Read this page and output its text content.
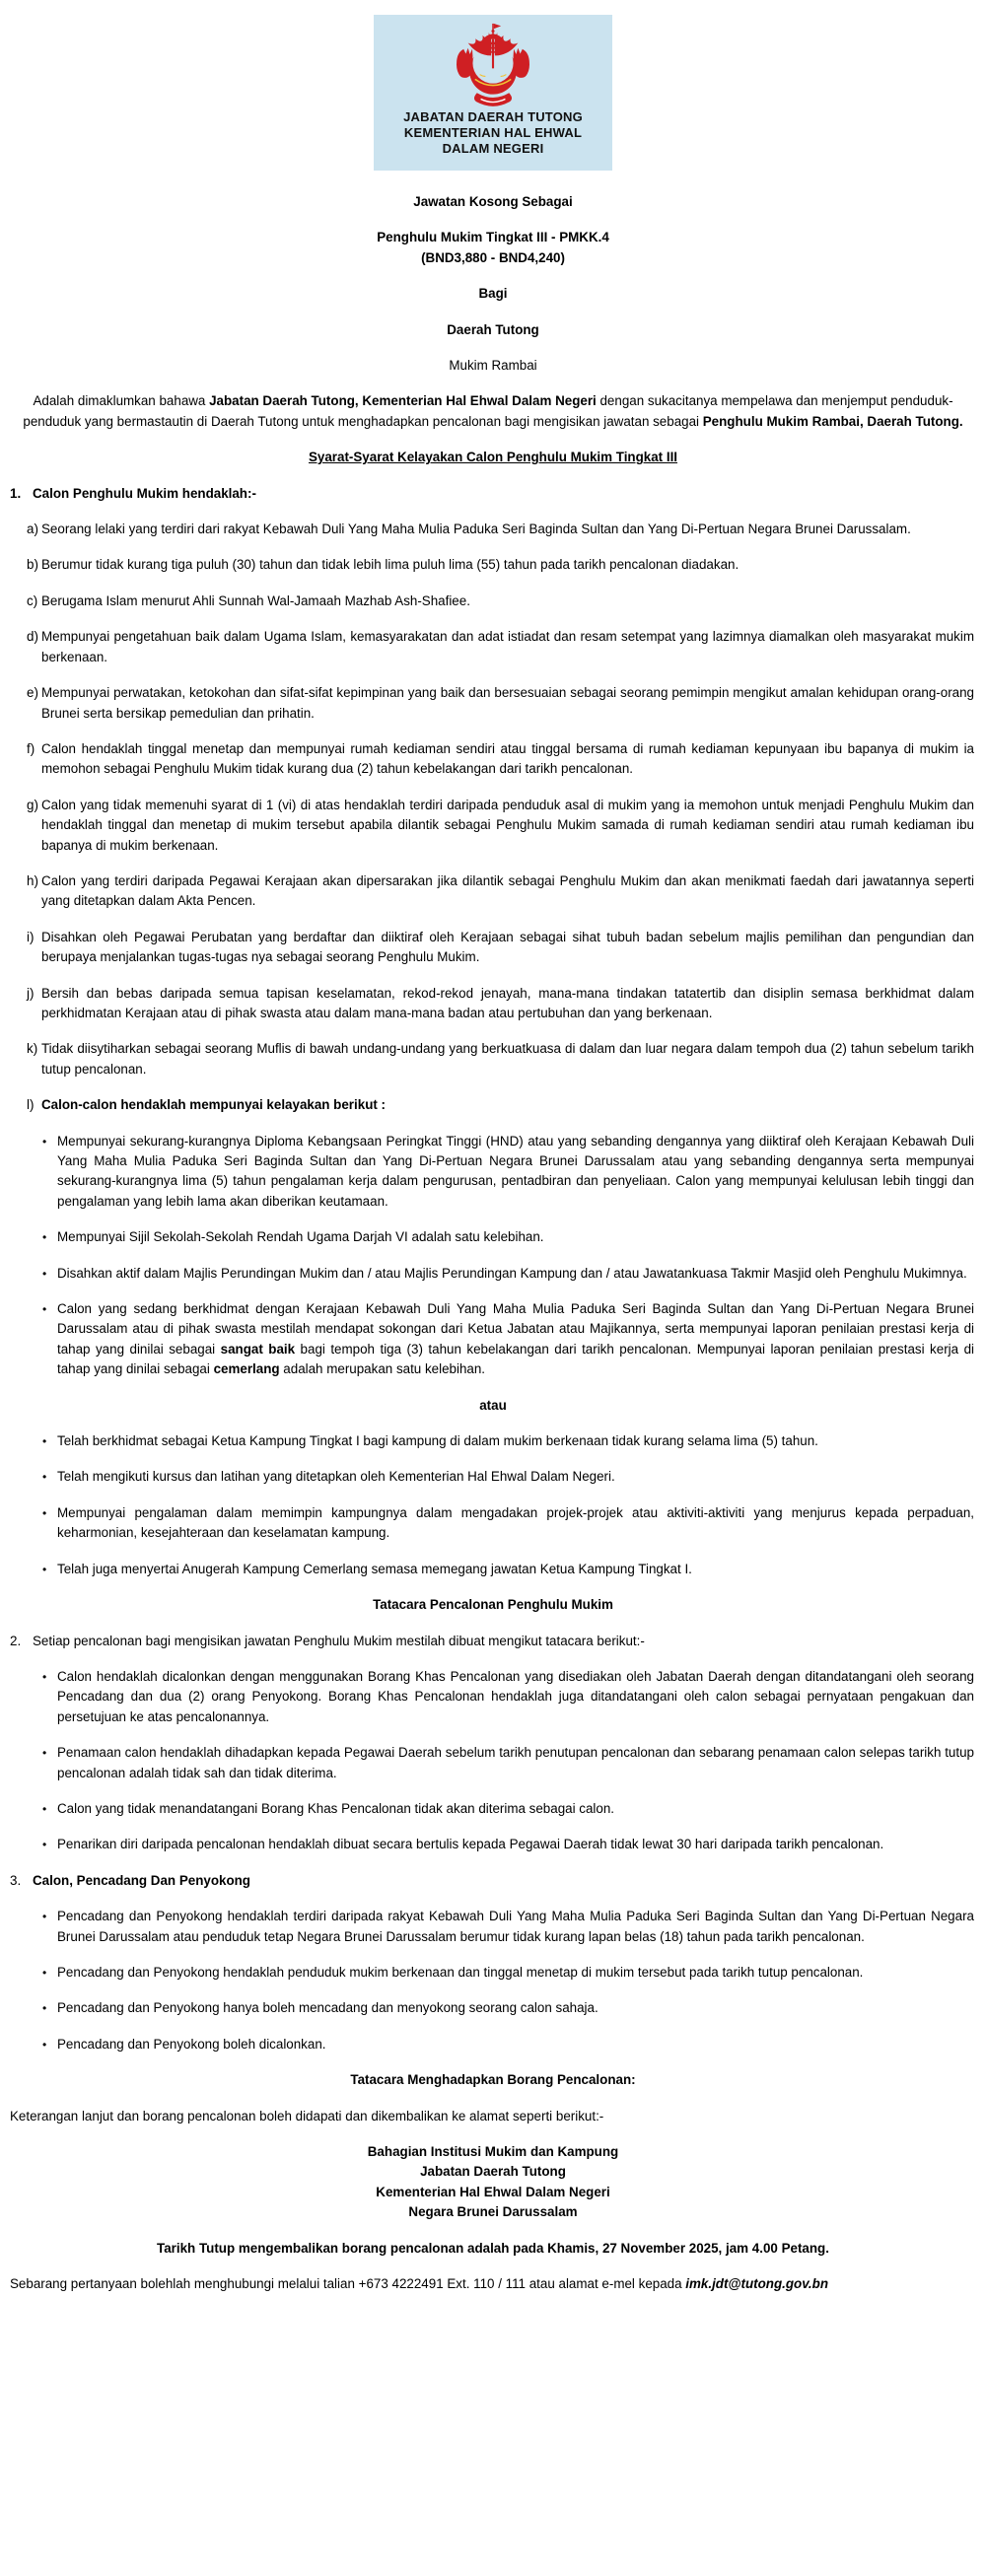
JABATAN DAERAH TUTONG
KEMENTERIAN HAL EHWAL
DALAM NEGERI
Jawatan Kosong Sebagai
Penghulu Mukim Tingkat III - PMKK.4
(BND3,880 - BND4,240)
Bagi
Daerah Tutong
Mukim Rambai

Adalah dimaklumkan bahawa Jabatan Daerah Tutong, Kementerian Hal Ehwal Dalam Negeri dengan sukacitanya mempelawa dan menjemput penduduk-penduduk yang bermastautin di Daerah Tutong untuk menghadapkan pencalonan bagi mengisikan jawatan sebagai Penghulu Mukim Rambai, Daerah Tutong.

Syarat-Syarat Kelayakan Calon Penghulu Mukim Tingkat III
1. Calon Penghulu Mukim hendaklah:-
a) Seorang lelaki yang terdiri dari rakyat Kebawah Duli Yang Maha Mulia Paduka Seri Baginda Sultan dan Yang Di-Pertuan Negara Brunei Darussalam.
b) Berumur tidak kurang tiga puluh (30) tahun dan tidak lebih lima puluh lima (55) tahun pada tarikh pencalonan diadakan.
c) Berugama Islam menurut Ahli Sunnah Wal-Jamaah Mazhab Ash-Shafiee.
d) Mempunyai pengetahuan baik dalam Ugama Islam, kemasyarakatan dan adat istiadat dan resam setempat yang lazimnya diamalkan oleh masyarakat mukim berkenaan.
e) Mempunyai perwatakan, ketokohan dan sifat-sifat kepimpinan yang baik dan bersesuaian sebagai seorang pemimpin mengikut amalan kehidupan orang-orang Brunei serta bersikap pemedulian dan prihatin.
f) Calon hendaklah tinggal menetap dan mempunyai rumah kediaman sendiri atau tinggal bersama di rumah kediaman kepunyaan ibu bapanya di mukim ia memohon sebagai Penghulu Mukim tidak kurang dua (2) tahun kebelakangan dari tarikh pencalonan.
g) Calon yang tidak memenuhi syarat di 1 (vi) di atas hendaklah terdiri daripada penduduk asal di mukim yang ia memohon untuk menjadi Penghulu Mukim dan hendaklah tinggal dan menetap di mukim tersebut apabila dilantik sebagai Penghulu Mukim samada di rumah kediaman sendiri atau rumah kediaman ibu bapanya di mukim berkenaan.
h) Calon yang terdiri daripada Pegawai Kerajaan akan dipersarakan jika dilantik sebagai Penghulu Mukim dan akan menikmati faedah dari jawatannya seperti yang ditetapkan dalam Akta Pencen.
i) Disahkan oleh Pegawai Perubatan yang berdaftar dan diiktiraf oleh Kerajaan sebagai sihat tubuh badan sebelum majlis pemilihan dan pengundian dan berupaya menjalankan tugas-tugas nya sebagai seorang Penghulu Mukim.
j) Bersih dan bebas daripada semua tapisan keselamatan, rekod-rekod jenayah, mana-mana tindakan tatatertib dan disiplin semasa berkhidmat dalam perkhidmatan Kerajaan atau di pihak swasta atau dalam mana-mana badan atau pertubuhan dan yang berkenaan.
k) Tidak diisytiharkan sebagai seorang Muflis di bawah undang-undang yang berkuatkuasa di dalam dan luar negara dalam tempoh dua (2) tahun sebelum tarikh tutup pencalonan.
l) Calon-calon hendaklah mempunyai kelayakan berikut :
• Mempunyai sekurang-kurangnya Diploma Kebangsaan Peringkat Tinggi (HND) atau yang sebanding dengannya yang diiktiraf oleh Kerajaan Kebawah Duli Yang Maha Mulia Paduka Seri Baginda Sultan dan Yang Di-Pertuan Negara Brunei Darussalam atau yang sebanding dengannya serta mempunyai sekurang-kurangnya lima (5) tahun pengalaman kerja dalam pengurusan, pentadbiran dan penyeliaan. Calon yang mempunyai kelulusan lebih tinggi dan pengalaman yang lebih lama akan diberikan keutamaan.
• Mempunyai Sijil Sekolah-Sekolah Rendah Ugama Darjah VI adalah satu kelebihan.
• Disahkan aktif dalam Majlis Perundingan Mukim dan / atau Majlis Perundingan Kampung dan / atau Jawatankuasa Takmir Masjid oleh Penghulu Mukimnya.
• Calon yang sedang berkhidmat dengan Kerajaan Kebawah Duli Yang Maha Mulia Paduka Seri Baginda Sultan dan Yang Di-Pertuan Negara Brunei Darussalam atau di pihak swasta mestilah mendapat sokongan dari Ketua Jabatan atau Majikannya, serta mempunyai laporan penilaian prestasi kerja di tahap yang dinilai sebagai sangat baik bagi tempoh tiga (3) tahun kebelakangan dari tarikh pencalonan. Mempunyai laporan penilaian prestasi kerja di tahap yang dinilai sebagai cemerlang adalah merupakan satu kelebihan.
atau
• Telah berkhidmat sebagai Ketua Kampung Tingkat I bagi kampung di dalam mukim berkenaan tidak kurang selama lima (5) tahun.
• Telah mengikuti kursus dan latihan yang ditetapkan oleh Kementerian Hal Ehwal Dalam Negeri.
• Mempunyai pengalaman dalam memimpin kampungnya dalam mengadakan projek-projek atau aktiviti-aktiviti yang menjurus kepada perpaduan, keharmonian, kesejahteraan dan keselamatan kampung.
• Telah juga menyertai Anugerah Kampung Cemerlang semasa memegang jawatan Ketua Kampung Tingkat I.
Tatacara Pencalonan Penghulu Mukim
2. Setiap pencalonan bagi mengisikan jawatan Penghulu Mukim mestilah dibuat mengikut tatacara berikut:-
• Calon hendaklah dicalonkan dengan menggunakan Borang Khas Pencalonan yang disediakan oleh Jabatan Daerah dengan ditandatangani oleh seorang Pencadang dan dua (2) orang Penyokong. Borang Khas Pencalonan hendaklah juga ditandatangani oleh calon sebagai pernyataan pengakuan dan persetujuan ke atas pencalonannya.
• Penamaan calon hendaklah dihadapkan kepada Pegawai Daerah sebelum tarikh penutupan pencalonan dan sebarang penamaan calon selepas tarikh tutup pencalonan adalah tidak sah dan tidak diterima.
• Calon yang tidak menandatangani Borang Khas Pencalonan tidak akan diterima sebagai calon.
• Penarikan diri daripada pencalonan hendaklah dibuat secara bertulis kepada Pegawai Daerah tidak lewat 30 hari daripada tarikh pencalonan.
3. Calon, Pencadang Dan Penyokong
• Pencadang dan Penyokong hendaklah terdiri daripada rakyat Kebawah Duli Yang Maha Mulia Paduka Seri Baginda Sultan dan Yang Di-Pertuan Negara Brunei Darussalam atau penduduk tetap Negara Brunei Darussalam berumur tidak kurang lapan belas (18) tahun pada tarikh pencalonan.
• Pencadang dan Penyokong hendaklah penduduk mukim berkenaan dan tinggal menetap di mukim tersebut pada tarikh tutup pencalonan.
• Pencadang dan Penyokong hanya boleh mencadang dan menyokong seorang calon sahaja.
• Pencadang dan Penyokong boleh dicalonkan.
Tatacara Menghadapkan Borang Pencalonan:

Keterangan lanjut dan borang pencalonan boleh didapati dan dikembalikan ke alamat seperti berikut:-

Bahagian Institusi Mukim dan Kampung
Jabatan Daerah Tutong
Kementerian Hal Ehwal Dalam Negeri
Negara Brunei Darussalam
Tarikh Tutup mengembalikan borang pencalonan adalah pada Khamis, 27 November 2025, jam 4.00 Petang.

Sebarang pertanyaan bolehlah menghubungi melalui talian +673 4222491 Ext. 110 / 111 atau alamat e-mel kepada imk.jdt@tutong.gov.bn
